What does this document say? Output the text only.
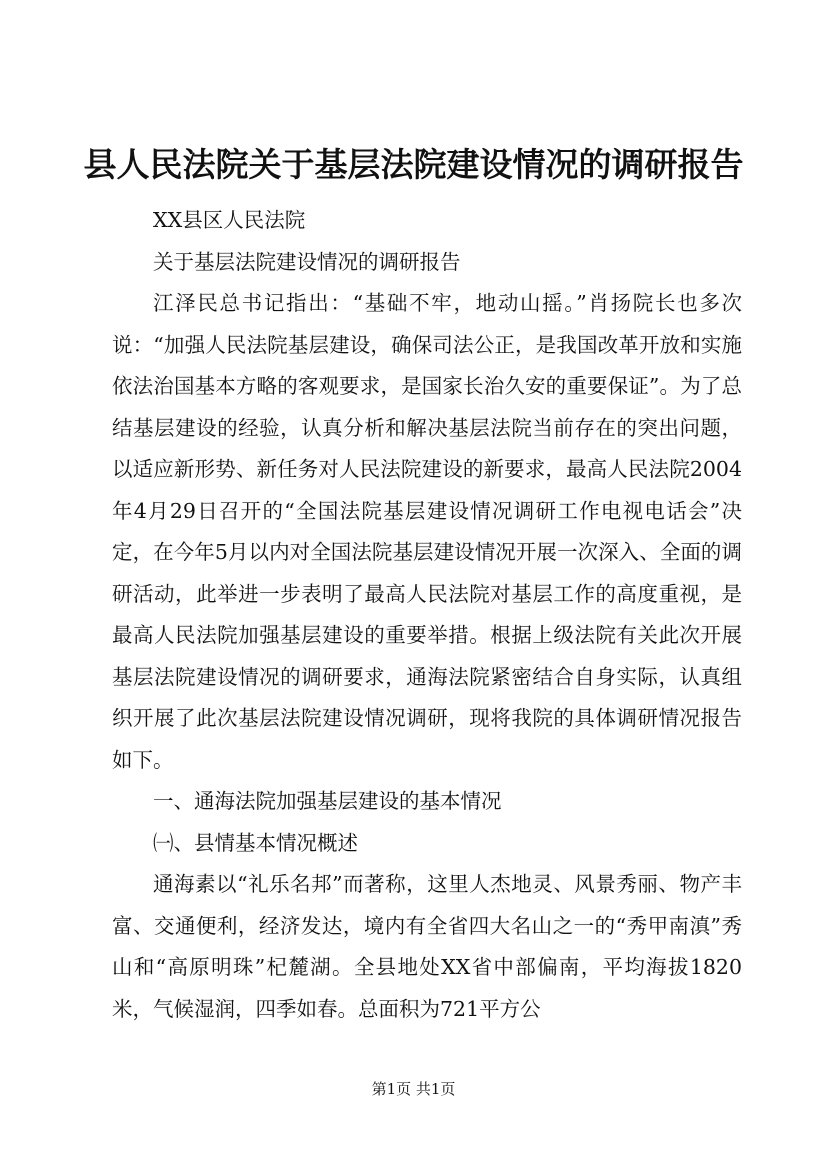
县人民法院关于基层法院建设情况的调研报告

XX县区人民法院

关于基层法院建设情况的调研报告

江泽民总书记指出：“基础不牢，地动山摇。”肖扬院长也多次说：“加强人民法院基层建设，确保司法公正，是我国改革开放和实施依法治国基本方略的客观要求，是国家长治久安的重要保证”。为了总结基层建设的经验，认真分析和解决基层法院当前存在的突出问题，以适应新形势、新任务对人民法院建设的新要求，最高人民法院2004年4月29日召开的“全国法院基层建设情况调研工作电视电话会”决定，在今年5月以内对全国法院基层建设情况开展一次深入、全面的调研活动，此举进一步表明了最高人民法院对基层工作的高度重视，是最高人民法院加强基层建设的重要举措。根据上级法院有关此次开展基层法院建设情况的调研要求，通海法院紧密结合自身实际，认真组织开展了此次基层法院建设情况调研，现将我院的具体调研情况报告如下。

一、通海法院加强基层建设的基本情况

㈠、县情基本情况概述

通海素以“礼乐名邦”而著称，这里人杰地灵、风景秀丽、物产丰富、交通便利，经济发达，境内有全省四大名山之一的“秀甲南滇”秀山和“高原明珠”杞麓湖。全县地处XX省中部偏南，平均海拔1820米，气候湿润，四季如春。总面积为721平方公

第1页 共1页
